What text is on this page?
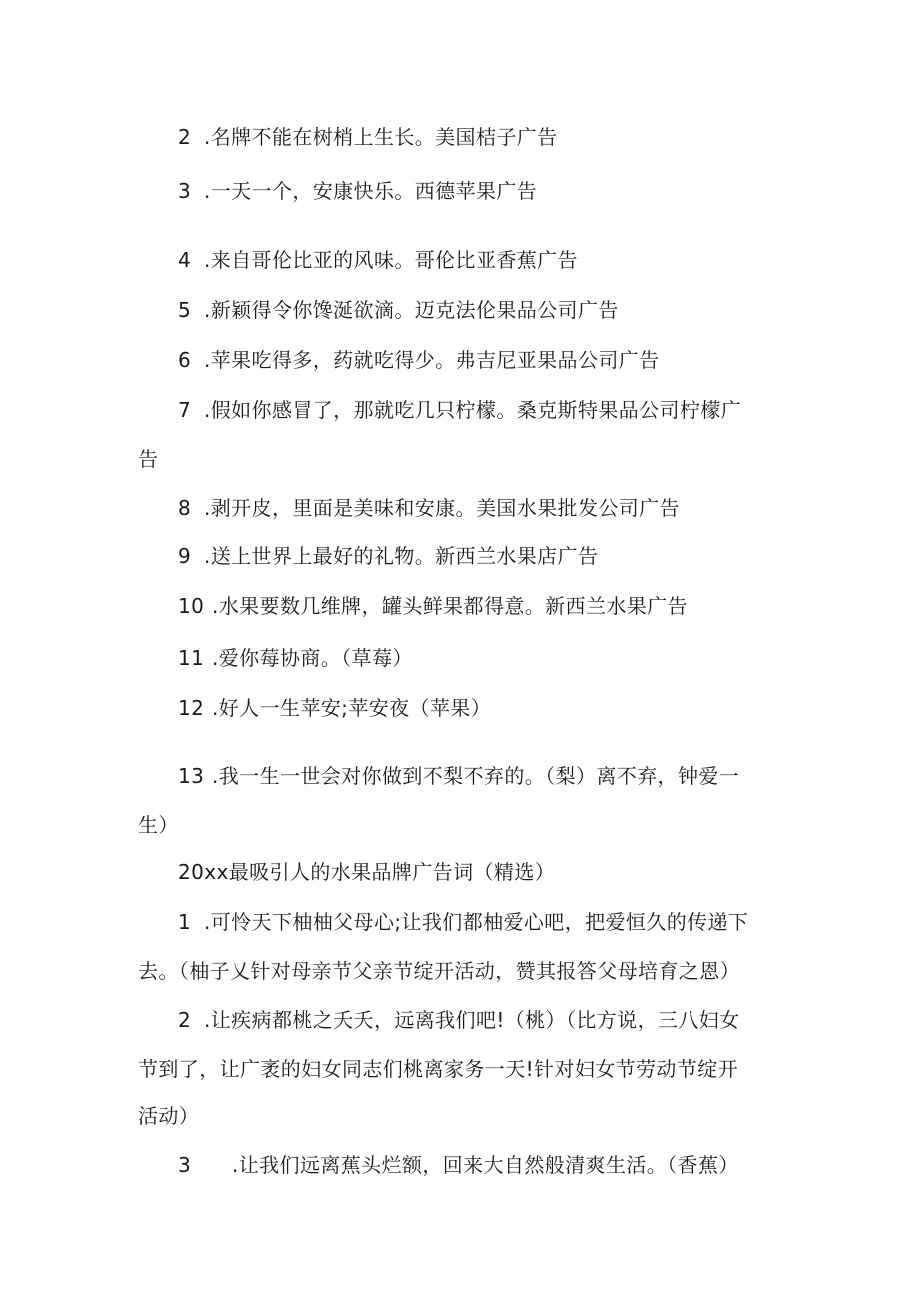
2 .名牌不能在树梢上生长。美国桔子广告
3 .一天一个，安康快乐。西德苹果广告
4 .来自哥伦比亚的风味。哥伦比亚香蕉广告
5 .新颖得令你馋涎欲滴。迈克法伦果品公司广告
6 .苹果吃得多，药就吃得少。弗吉尼亚果品公司广告
7 .假如你感冒了，那就吃几只柠檬。桑克斯特果品公司柠檬广
告
8 .剥开皮，里面是美味和安康。美国水果批发公司广告
9 .送上世界上最好的礼物。新西兰水果店广告
10 .水果要数几维牌，罐头鲜果都得意。新西兰水果广告
11 .爱你莓协商。（草莓）
12 .好人一生苹安;苹安夜（苹果）
13 .我一生一世会对你做到不梨不弃的。（梨）离不弃，钟爱一
生）
20xx最吸引人的水果品牌广告词（精选）
1 .可怜天下柚柚父母心;让我们都柚爱心吧，把爱恒久的传递下
去。（柚子乂针对母亲节父亲节绽开活动，赞其报答父母培育之恩）
2 .让疾病都桃之夭夭，远离我们吧!（桃）（比方说，三八妇女
节到了，让广袤的妇女同志们桃离家务一天!针对妇女节劳动节绽开
活动）
3 .让我们远离蕉头烂额，回来大自然般清爽生活。（香蕉）
